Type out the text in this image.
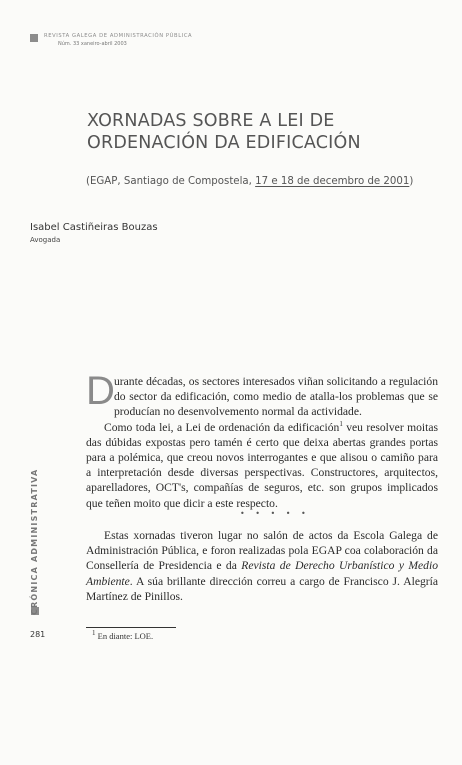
REVISTA GALEGA DE ADMINISTRACIÓN PÚBLICA
Núm. 33 xaneiro-abril 2003
XORNADAS SOBRE A LEI DE
ORDENACIÓN DA EDIFICACIÓN
(EGAP, Santiago de Compostela, 17 e 18 de decembro de 2001)
Isabel Castiñeiras Bouzas
Avogada

D urante décadas, os sectores interesados viñan solicitando a regulación do sector da edificación, como medio de atalla-los problemas que se producían no desenvolvemento normal da actividade.

Como toda lei, a Lei de ordenación da edificación$^1$ veu resolver moitas das dúbidas expostas pero tamén é certo que deixa abertas grandes portas para a polémica, que creou novos interrogantes e que alisou o camiño para a interpretación desde diversas perspectivas. Constructores, arquitectos, aparelladores, OCT's, compañías de seguros, etc. son grupos implicados que teñen moito que dicir a este respecto.

• • • • •

Estas xornadas tiveron lugar no salón de actos da Escola Galega de Administración Pública, e foron realizadas pola EGAP coa colaboración da Consellería de Presidencia e da Revista de Derecho Urbanístico y Medio Ambiente. A súa brillante dirección correu a cargo de Francisco J. Alegría Martínez de Pinillos.

CRÓNICA ADMINISTRATIVA
281	$^1$ En diante: LOE.
